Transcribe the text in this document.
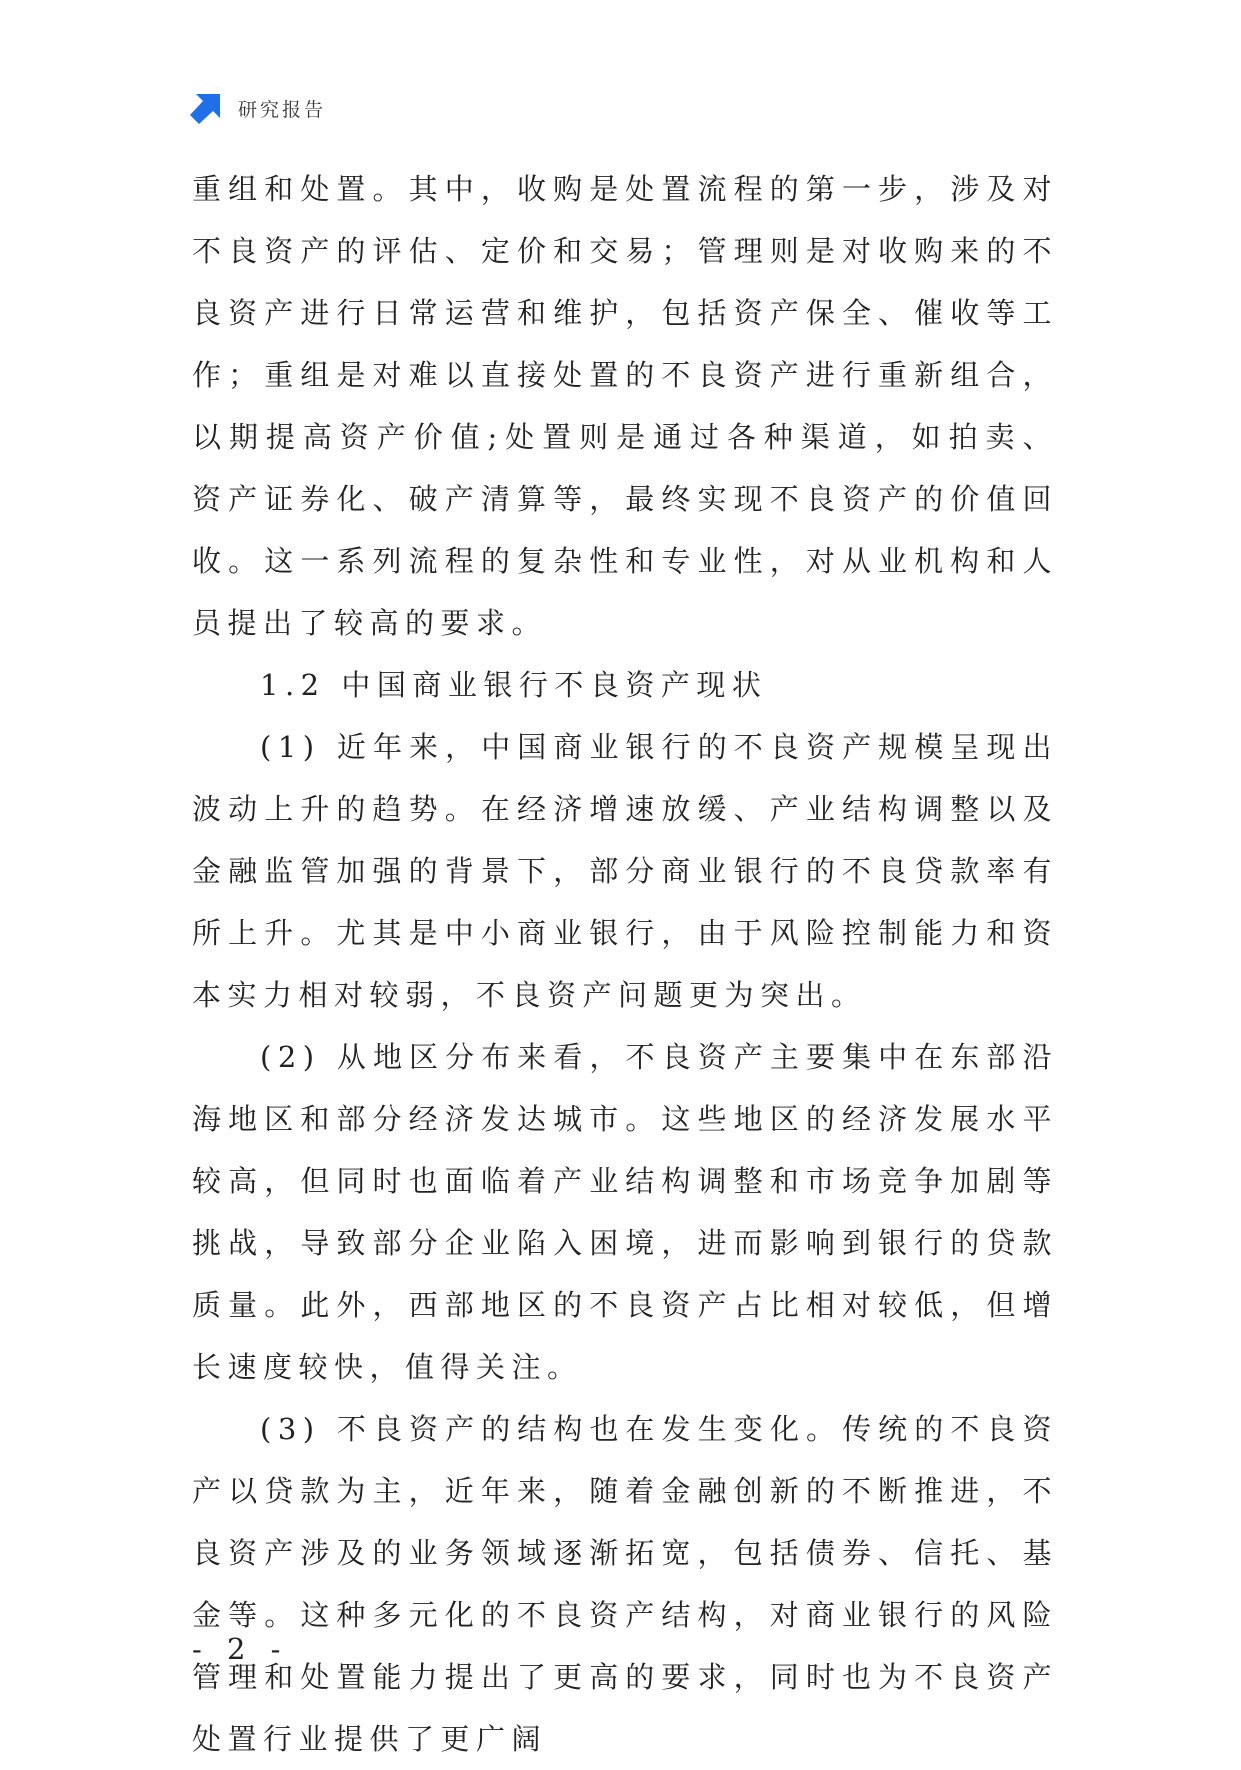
研究报告

重组和处置。其中，收购是处置流程的第一步，涉及对不良资产的评估、定价和交易；管理则是对收购来的不良资产进行日常运营和维护，包括资产保全、催收等工作；重组是对难以直接处置的不良资产进行重新组合，以期提高资产价值;处置则是通过各种渠道，如拍卖、资产证券化、破产清算等，最终实现不良资产的价值回收。这一系列流程的复杂性和专业性，对从业机构和人员提出了较高的要求。

1.2 中国商业银行不良资产现状

(1) 近年来，中国商业银行的不良资产规模呈现出波动上升的趋势。在经济增速放缓、产业结构调整以及金融监管加强的背景下，部分商业银行的不良贷款率有所上升。尤其是中小商业银行，由于风险控制能力和资本实力相对较弱，不良资产问题更为突出。

(2) 从地区分布来看，不良资产主要集中在东部沿海地区和部分经济发达城市。这些地区的经济发展水平较高，但同时也面临着产业结构调整和市场竞争加剧等挑战，导致部分企业陷入困境，进而影响到银行的贷款质量。此外，西部地区的不良资产占比相对较低，但增长速度较快，值得关注。

(3) 不良资产的结构也在发生变化。传统的不良资产以贷款为主，近年来，随着金融创新的不断推进，不良资产涉及的业务领域逐渐拓宽，包括债券、信托、基金等。这种多元化的不良资产结构，对商业银行的风险管理和处置能力提出了更高的要求，同时也为不良资产处置行业提供了更广阔

- 2 -
